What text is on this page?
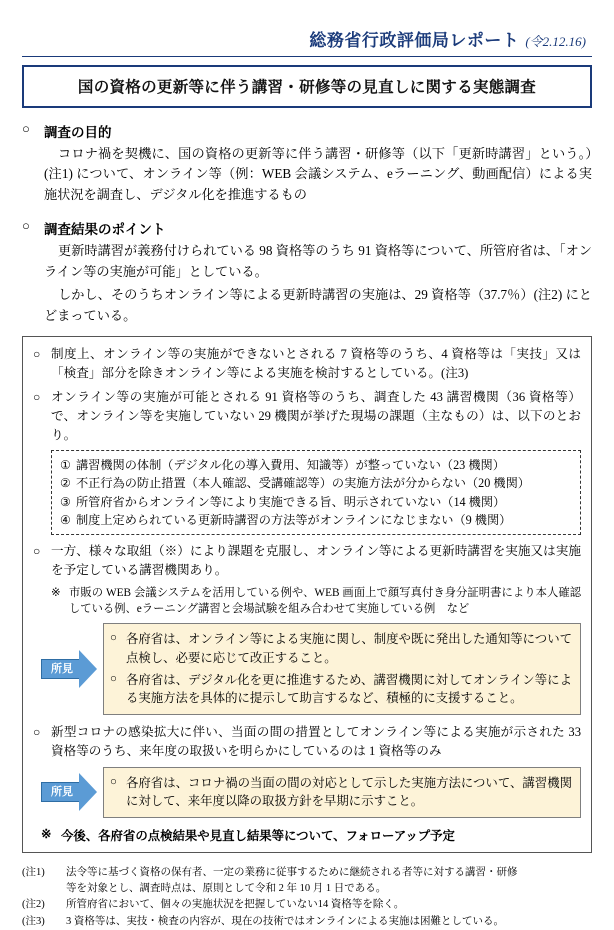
総務省行政評価局レポート (令2.12.16)
国の資格の更新等に伴う講習・研修等の見直しに関する実態調査
○	調査の目的
コロナ禍を契機に、国の資格の更新等に伴う講習・研修等（以下「更新時講習」という。）(注1) について、オンライン等（例：WEB 会議システム、eラーニング、動画配信）による実施状況を調査し、デジタル化を推進するもの
○	調査結果のポイント
更新時講習が義務付けられている 98 資格等のうち 91 資格等について、所管府省は、「オンライン等の実施が可能」としている。
しかし、そのうちオンライン等による更新時講習の実施は、29 資格等（37.7％）(注2) にとどまっている。
○ 制度上、オンライン等の実施ができないとされる 7 資格等のうち、4 資格等は「実技」又は「検査」部分を除きオンライン等による実施を検討するとしている。(注3)
○ オンライン等の実施が可能とされる 91 資格等のうち、調査した 43 講習機関（36 資格等）で、オンライン等を実施していない 29 機関が挙げた現場の課題（主なもの）は、以下のとおり。
① 講習機関の体制（デジタル化の導入費用、知識等）が整っていない（23 機関）
② 不正行為の防止措置（本人確認、受講確認等）の実施方法が分からない（20 機関）
③ 所管府省からオンライン等により実施できる旨、明示されていない（14 機関）
④ 制度上定められている更新時講習の方法等がオンラインになじまない（9 機関）
○ 一方、様々な取組（※）により課題を克服し、オンライン等による更新時講習を実施又は実施を予定している講習機関あり。
※ 市販の WEB 会議システムを活用している例や、WEB 画面上で顔写真付き身分証明書により本人確認している例、eラーニング講習と会場試験を組み合わせて実施している例　など
所見
○ 各府省は、オンライン等による実施に関し、制度や既に発出した通知等について点検し、必要に応じて改正すること。
○ 各府省は、デジタル化を更に推進するため、講習機関に対してオンライン等による実施方法を具体的に提示して助言するなど、積極的に支援すること。
○ 新型コロナの感染拡大に伴い、当面の間の措置としてオンライン等による実施が示された 33 資格等のうち、来年度の取扱いを明らかにしているのは 1 資格等のみ
所見
○ 各府省は、コロナ禍の当面の間の対応として示した実施方法について、講習機関に対して、来年度以降の取扱方針を早期に示すこと。
※ 今後、各府省の点検結果や見直し結果等について、フォローアップ予定
(注1)	法令等に基づく資格の保有者、一定の業務に従事するために継続される者等に対する講習・研修
等を対象とし、調査時点は、原則として令和 2 年 10 月 1 日である。
(注2)	所管府省において、個々の実施状況を把握していない14 資格等を除く。
(注3)	3 資格等は、実技・検査の内容が、現在の技術ではオンラインによる実施は困難としている。
